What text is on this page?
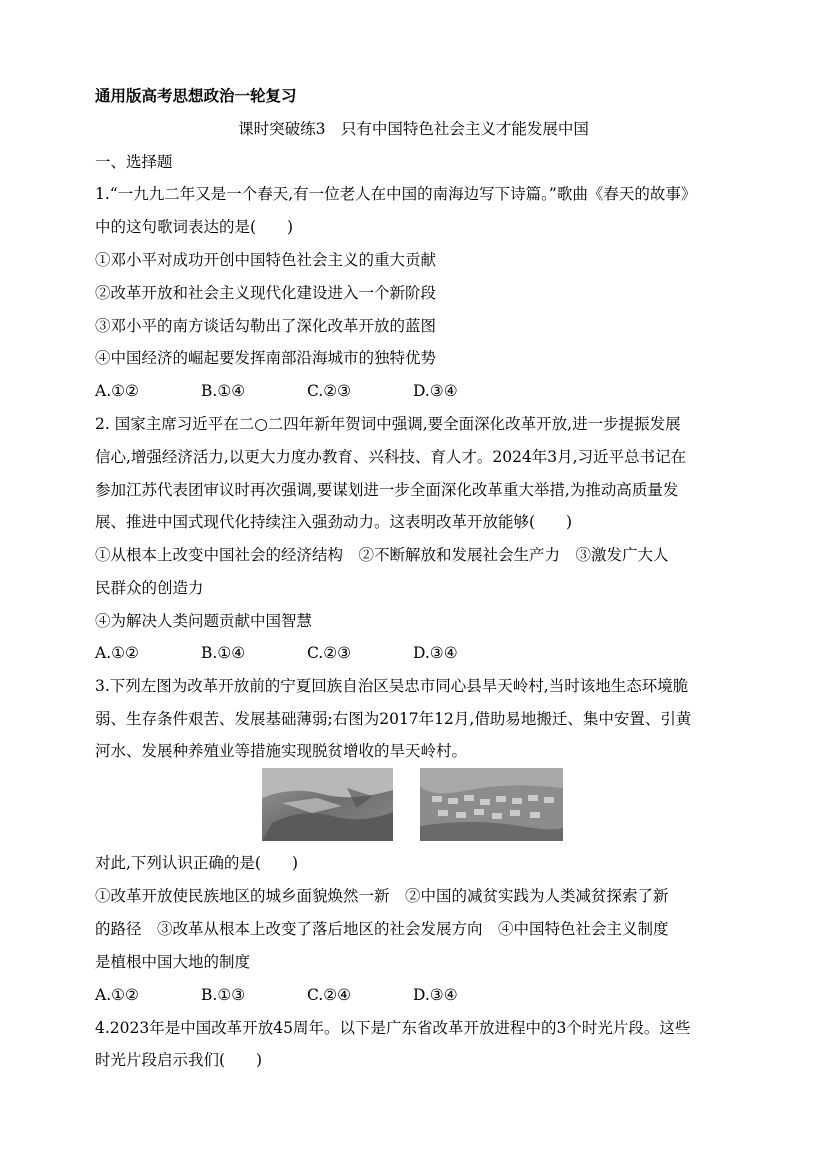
通用版高考思想政治一轮复习
课时突破练3　只有中国特色社会主义才能发展中国
一、选择题
1.“一九九二年又是一个春天,有一位老人在中国的南海边写下诗篇。”歌曲《春天的故事》
中的这句歌词表达的是(　　)
①邓小平对成功开创中国特色社会主义的重大贡献
②改革开放和社会主义现代化建设进入一个新阶段
③邓小平的南方谈话勾勒出了深化改革开放的蓝图
④中国经济的崛起要发挥南部沿海城市的独特优势
A.①②	B.①④	C.②③	D.③④
2. 国家主席习近平在二○二四年新年贺词中强调,要全面深化改革开放,进一步提振发展
信心,增强经济活力,以更大力度办教育、兴科技、育人才。2024年3月,习近平总书记在
参加江苏代表团审议时再次强调,要谋划进一步全面深化改革重大举措,为推动高质量发
展、推进中国式现代化持续注入强劲动力。这表明改革开放能够(　　)
①从根本上改变中国社会的经济结构　②不断解放和发展社会生产力　③激发广大人
民群众的创造力
④为解决人类问题贡献中国智慧
A.①②	B.①④	C.②③	D.③④
3.下列左图为改革开放前的宁夏回族自治区吴忠市同心县旱天岭村,当时该地生态环境脆
弱、生存条件艰苦、发展基础薄弱;右图为2017年12月,借助易地搬迁、集中安置、引黄
河水、发展种养殖业等措施实现脱贫增收的旱天岭村。
对此,下列认识正确的是(　　)
①改革开放使民族地区的城乡面貌焕然一新　②中国的减贫实践为人类减贫探索了新
的路径　③改革从根本上改变了落后地区的社会发展方向　④中国特色社会主义制度
是植根中国大地的制度
A.①②	B.①③	C.②④	D.③④
4.2023年是中国改革开放45周年。以下是广东省改革开放进程中的3个时光片段。这些
时光片段启示我们(　　)
